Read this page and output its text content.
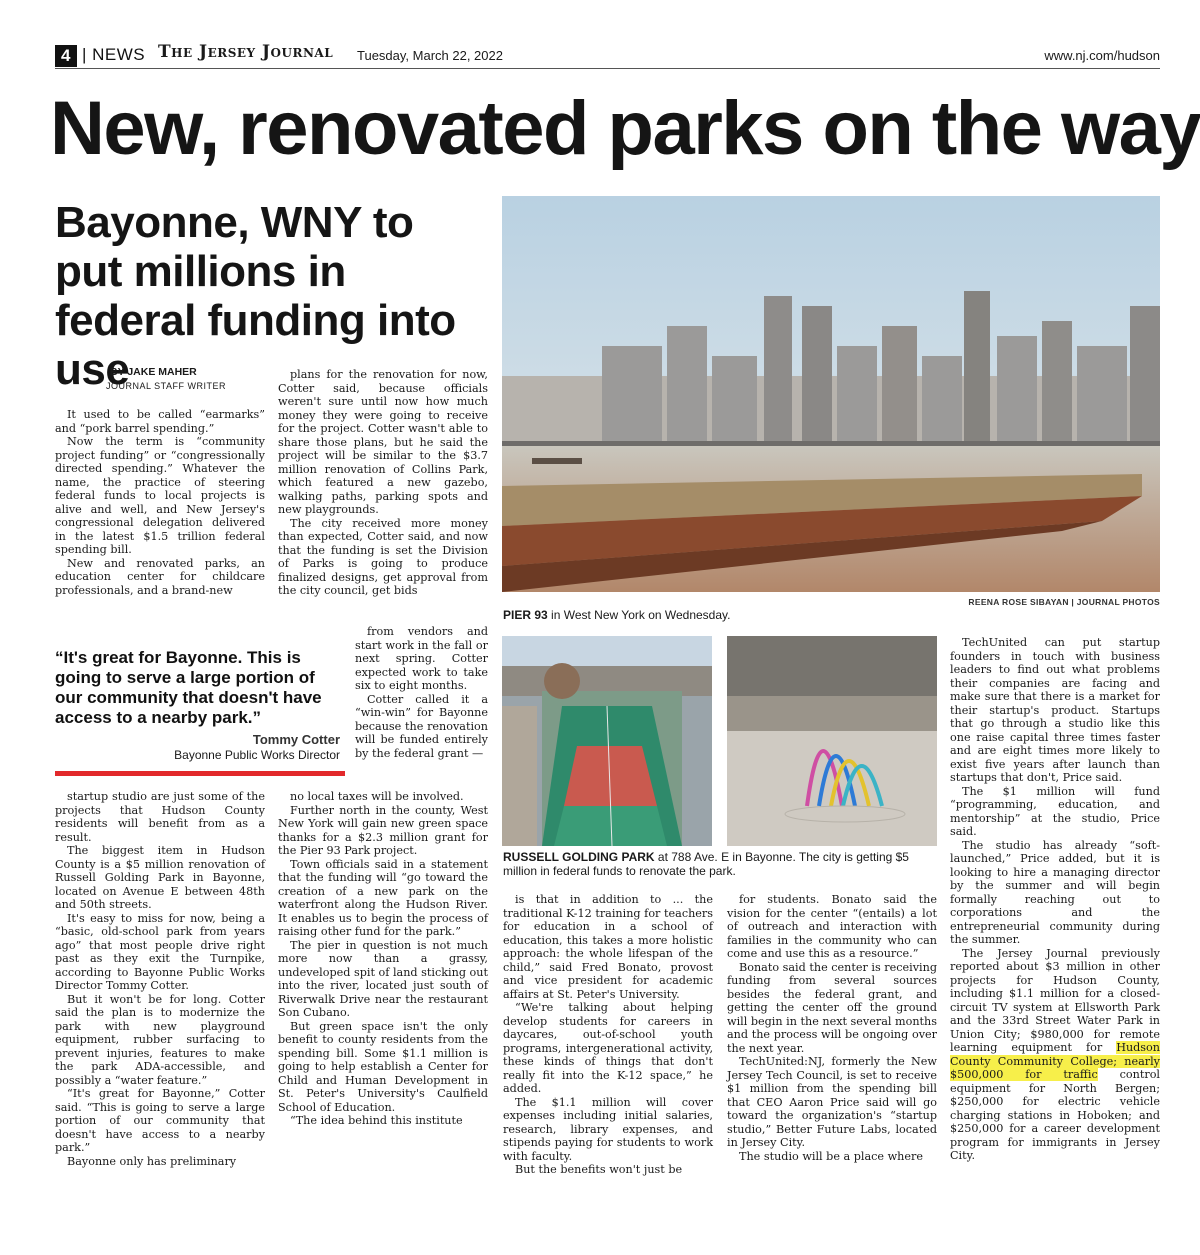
4
|	NEWS The Jersey Journal Tuesday, March 22, 2022	www.nj.com/hudson
New, renovated parks on the way
Bayonne, WNY to put millions in federal funding into use
BY JAKE MAHER
JOURNAL STAFF WRITER

It used to be called “earmarks” and “pork barrel spending.”

Now the term is “community project funding” or “congressionally directed spending.” Whatever the name, the practice of steering federal funds to local projects is alive and well, and New Jersey's congressional delegation delivered in the latest $1.5 trillion federal spending bill.

New and renovated parks, an education center for childcare professionals, and a brand-new

plans for the renovation for now, Cotter said, because officials weren't sure until now how much money they were going to receive for the project. Cotter wasn't able to share those plans, but he said the project will be similar to the $3.7 million renovation of Collins Park, which featured a new gazebo, walking paths, parking spots and new playgrounds.

The city received more money than expected, Cotter said, and now that the funding is set the Division of Parks is going to produce finalized designs, get approval from the city council, get bids

from vendors and start work in the fall or next spring. Cotter expected work to take six to eight months.

Cotter called it a “win-win” for Bayonne because the renovation will be funded entirely by the federal grant —

“It's great for Bayonne. This is going to serve a large portion of our community that doesn't have access to a nearby park.”
Tommy Cotter
Bayonne Public Works Director

startup studio are just some of the projects that Hudson County residents will benefit from as a result.

The biggest item in Hudson County is a $5 million renovation of Russell Golding Park in Bayonne, located on Avenue E between 48th and 50th streets.

It's easy to miss for now, being a “basic, old-school park from years ago” that most people drive right past as they exit the Turnpike, according to Bayonne Public Works Director Tommy Cotter.

But it won't be for long. Cotter said the plan is to modernize the park with new playground equipment, rubber surfacing to prevent injuries, features to make the park ADA-accessible, and possibly a “water feature.”

“It's great for Bayonne,” Cotter said. “This is going to serve a large portion of our community that doesn't have access to a nearby park.”

Bayonne only has preliminary

no local taxes will be involved.

Further north in the county, West New York will gain new green space thanks for a $2.3 million grant for the Pier 93 Park project.

Town officials said in a statement that the funding will “go toward the creation of a new park on the waterfront along the Hudson River. It enables us to begin the process of raising other fund for the park.”

The pier in question is not much more now than a grassy, undeveloped spit of land sticking out into the river, located just south of Riverwalk Drive near the restaurant Son Cubano.

But green space isn't the only benefit to county residents from the spending bill. Some $1.1 million is going to help establish a Center for Child and Human Development in St. Peter's University's Caulfield School of Education.

“The idea behind this institute

is that in addition to ... the traditional K-12 training for teachers for education in a school of education, this takes a more holistic approach: the whole lifespan of the child,” said Fred Bonato, provost and vice president for academic affairs at St. Peter's University.

“We're talking about helping develop students for careers in daycares, out-of-school youth programs, intergenerational activity, these kinds of things that don't really fit into the K-12 space,” he added.

The $1.1 million will cover expenses including initial salaries, research, library expenses, and stipends paying for students to work with faculty.

But the benefits won't just be

for students. Bonato said the vision for the center “(entails) a lot of outreach and interaction with families in the community who can come and use this as a resource.”

Bonato said the center is receiving funding from several sources besides the federal grant, and getting the center off the ground will begin in the next several months and the process will be ongoing over the next year.

TechUnited:NJ, formerly the New Jersey Tech Council, is set to receive $1 million from the spending bill that CEO Aaron Price said will go toward the organization's “startup studio,” Better Future Labs, located in Jersey City.

The studio will be a place where

TechUnited can put startup founders in touch with business leaders to find out what problems their companies are facing and make sure that there is a market for their startup's product. Startups that go through a studio like this one raise capital three times faster and are eight times more likely to exist five years after launch than startups that don't, Price said.

The $1 million will fund “programming, education, and mentorship” at the studio, Price said.

The studio has already “soft-launched,” Price added, but it is looking to hire a managing director by the summer and will begin formally reaching out to corporations and the entrepreneurial community during the summer.

The Jersey Journal previously reported about $3 million in other projects for Hudson County, including $1.1 million for a closed-circuit TV system at Ellsworth Park and the 33rd Street Water Park in Union City; $980,000 for remote learning equipment for Hudson County Community College; nearly $500,000 for traffic control equipment for North Bergen; $250,000 for electric vehicle charging stations in Hoboken; and $250,000 for a career development program for immigrants in Jersey City.

REENA ROSE SIBAYAN | JOURNAL PHOTOS
PIER 93 in West New York on Wednesday.
RUSSELL GOLDING PARK at 788 Ave. E in Bayonne. The city is getting $5 million in federal funds to renovate the park.
